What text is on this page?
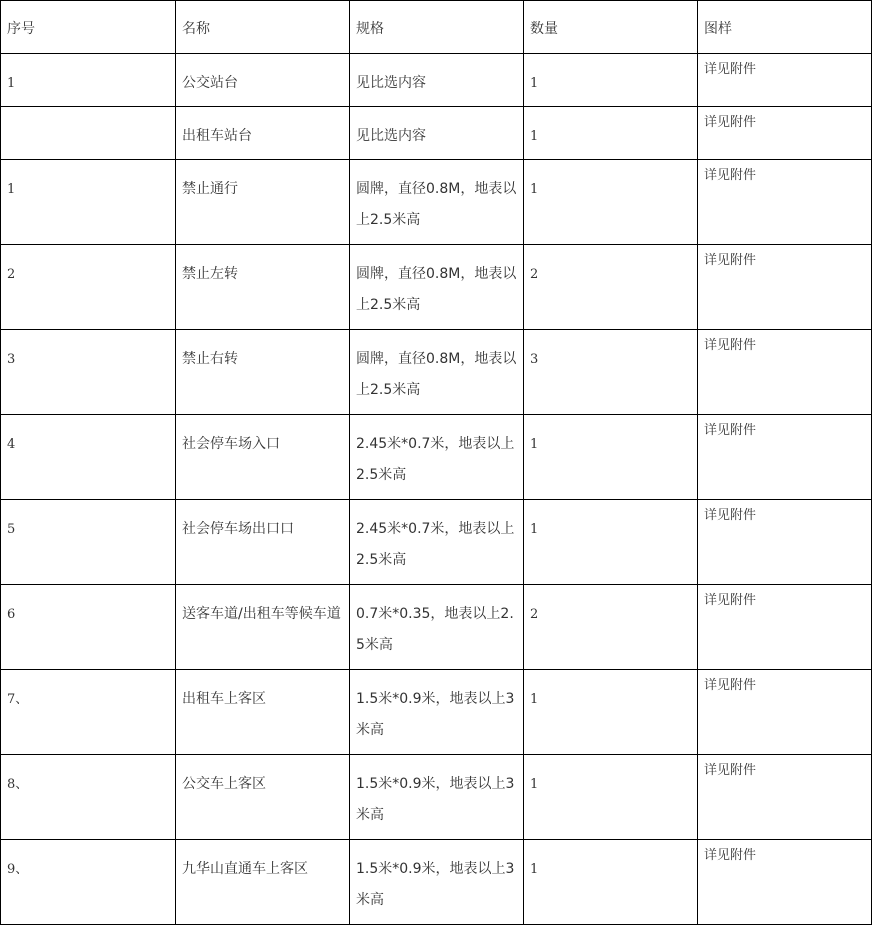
序号	名称	规格	数量	图样
1	公交站台	见比选内容	1	详见附件
	出租车站台	见比选内容	1	详见附件
1	禁止通行	圆牌，直径0.8M，地表以上2.5米高	1	详见附件
2	禁止左转	圆牌，直径0.8M，地表以上2.5米高	2	详见附件
3	禁止右转	圆牌，直径0.8M，地表以上2.5米高	3	详见附件
4	社会停车场入口	2.45米*0.7米，地表以上2.5米高	1	详见附件
5	社会停车场出口口	2.45米*0.7米，地表以上2.5米高	1	详见附件
6	送客车道/出租车等候车道	0.7米*0.35，地表以上2.5米高	2	详见附件
7、	出租车上客区	1.5米*0.9米，地表以上3米高	1	详见附件
8、	公交车上客区	1.5米*0.9米，地表以上3米高	1	详见附件
9、	九华山直通车上客区	1.5米*0.9米，地表以上3米高	1	详见附件
